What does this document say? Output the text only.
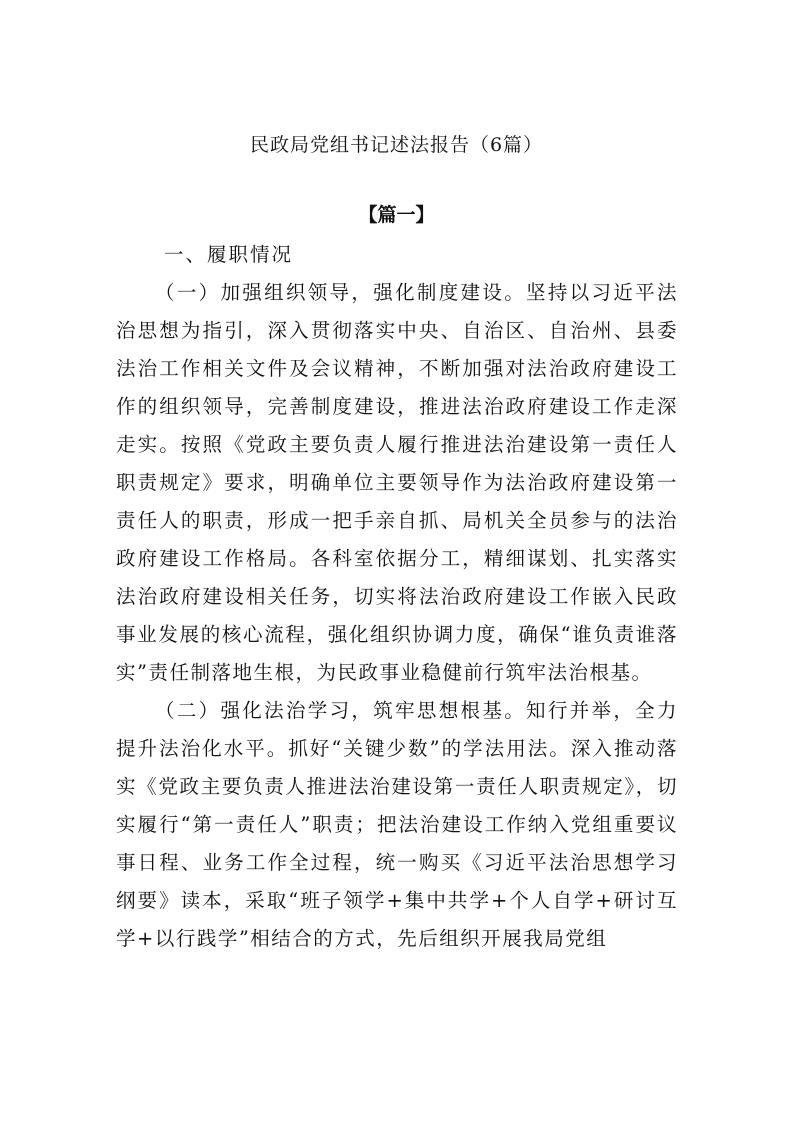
民政局党组书记述法报告（6篇）
【篇一】

一、履职情况

（一）加强组织领导，强化制度建设。坚持以习近平法治思想为指引，深入贯彻落实中央、自治区、自治州、县委法治工作相关文件及会议精神，不断加强对法治政府建设工作的组织领导，完善制度建设，推进法治政府建设工作走深走实。按照《党政主要负责人履行推进法治建设第一责任人职责规定》要求，明确单位主要领导作为法治政府建设第一责任人的职责，形成一把手亲自抓、局机关全员参与的法治政府建设工作格局。各科室依据分工，精细谋划、扎实落实法治政府建设相关任务，切实将法治政府建设工作嵌入民政事业发展的核心流程，强化组织协调力度，确保“谁负责谁落实”责任制落地生根，为民政事业稳健前行筑牢法治根基。

（二）强化法治学习，筑牢思想根基。知行并举，全力提升法治化水平。抓好“关键少数”的学法用法。深入推动落实《党政主要负责人推进法治建设第一责任人职责规定》，切实履行“第一责任人”职责；把法治建设工作纳入党组重要议事日程、业务工作全过程，统一购买《习近平法治思想学习纲要》读本，采取“班子领学+集中共学+个人自学+研讨互学+以行践学”相结合的方式，先后组织开展我局党组
